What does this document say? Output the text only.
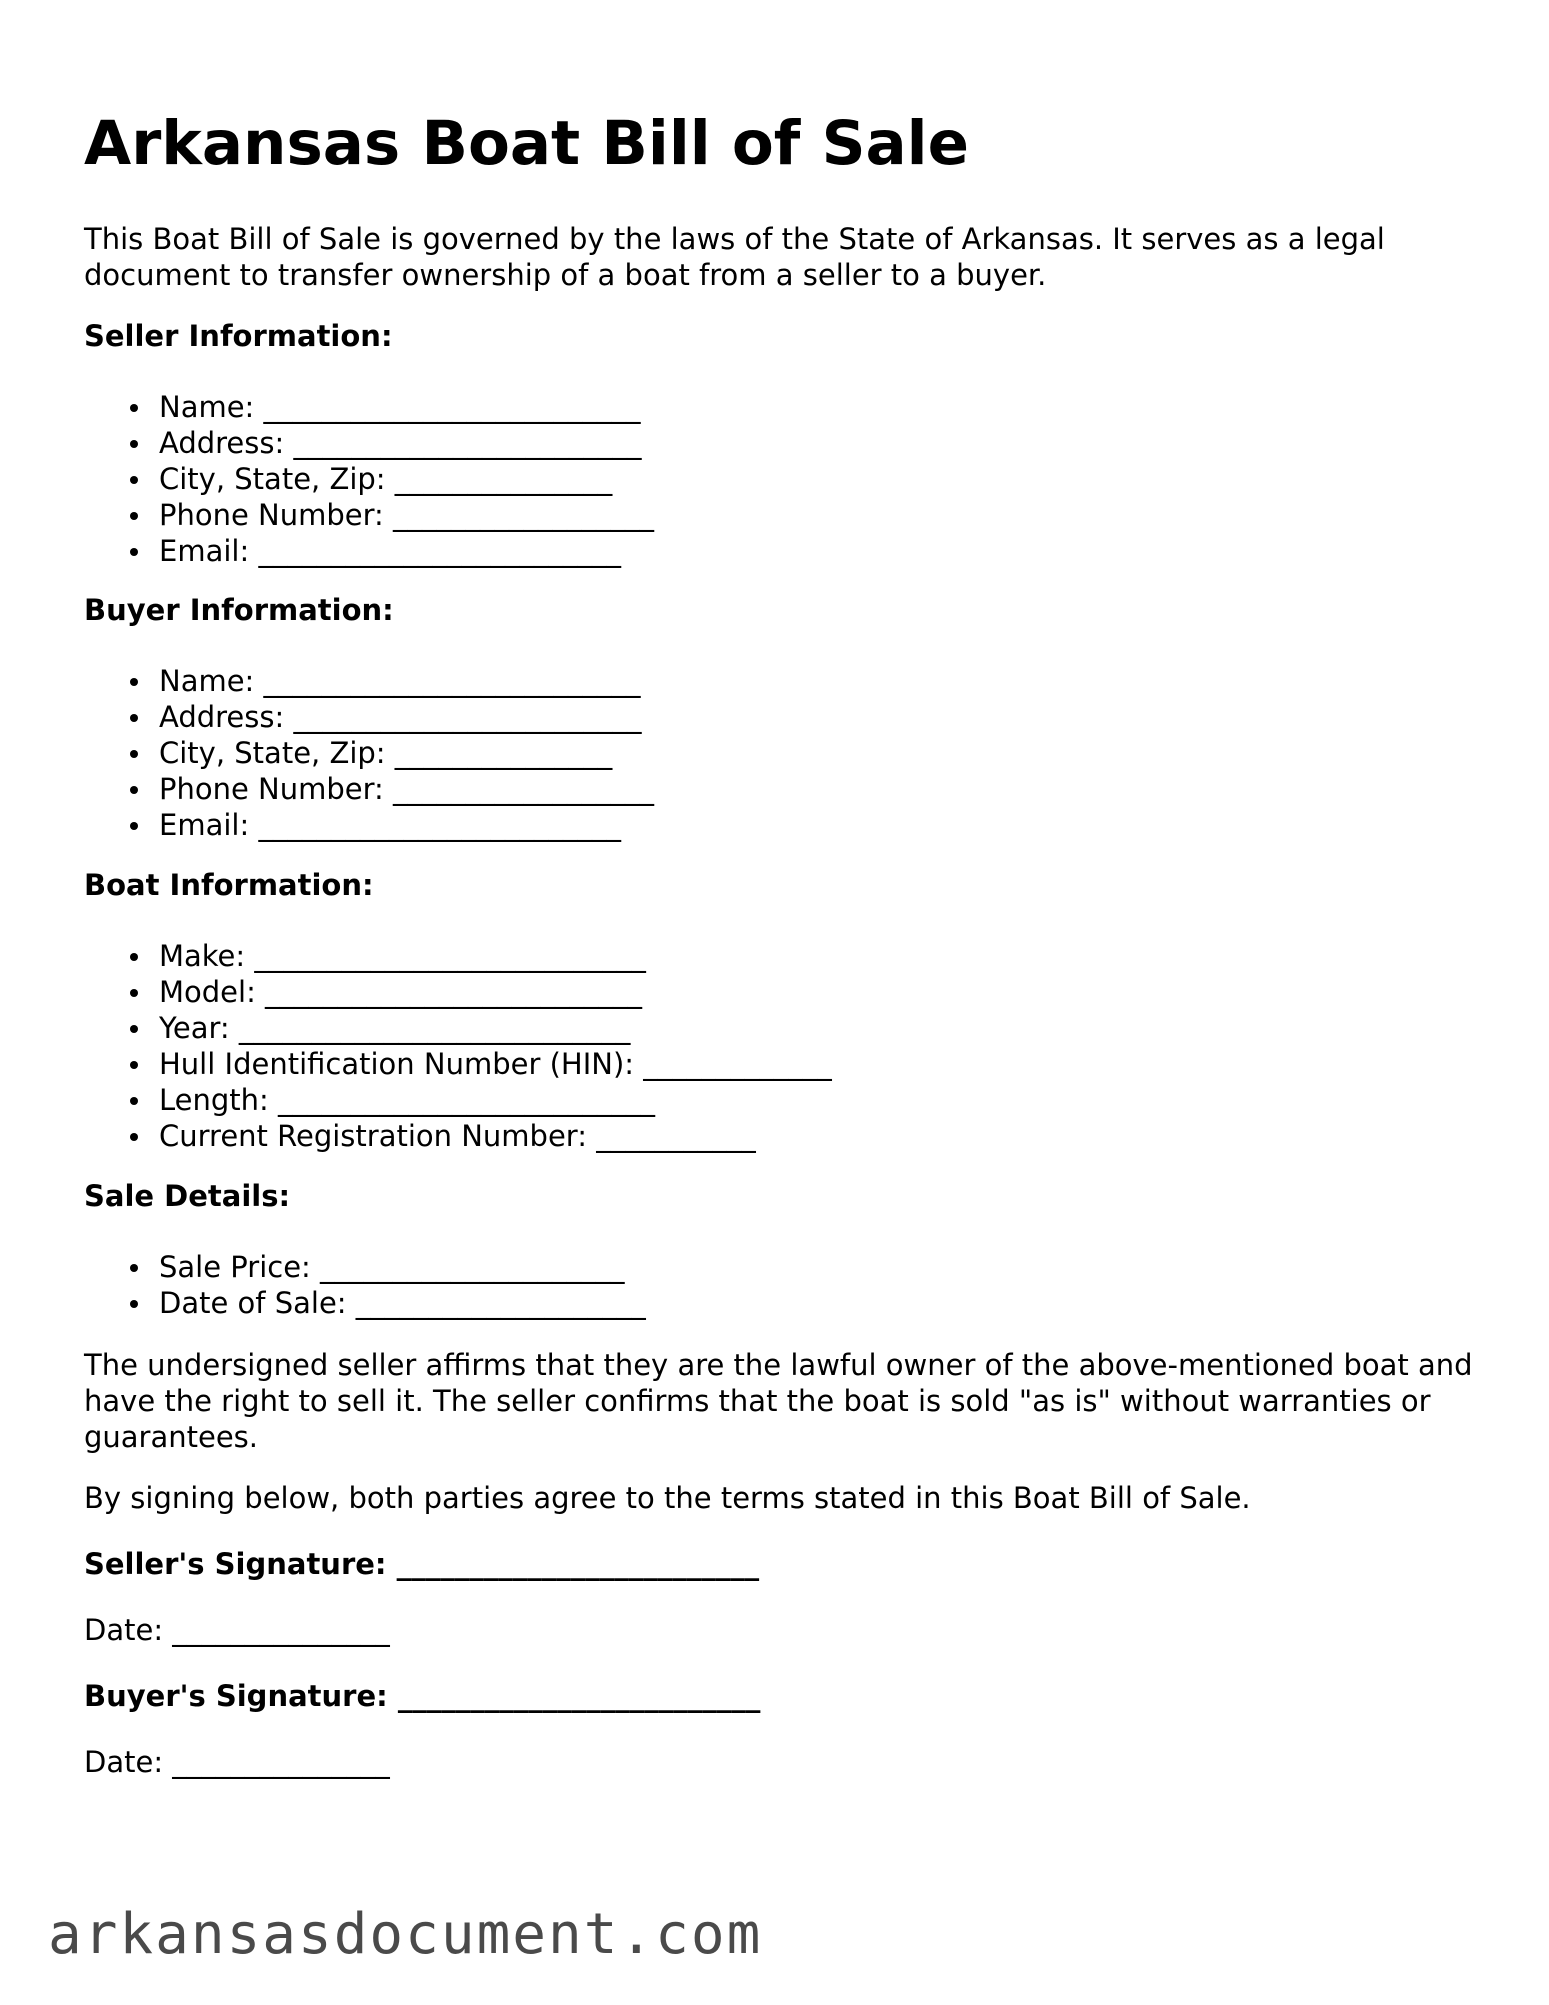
Arkansas Boat Bill of Sale

This Boat Bill of Sale is governed by the laws of the State of Arkansas. It serves as a legal document to transfer ownership of a boat from a seller to a buyer.

Seller Information:

Name: __________________________
Address: ________________________
City, State, Zip: _______________
Phone Number: __________________
Email: _________________________

Buyer Information:

Name: __________________________
Address: ________________________
City, State, Zip: _______________
Phone Number: __________________
Email: _________________________

Boat Information:

Make: ___________________________
Model: __________________________
Year: ___________________________
Hull Identification Number (HIN): _____________
Length: __________________________
Current Registration Number: ___________

Sale Details:

Sale Price: _____________________
Date of Sale: ____________________

The undersigned seller affirms that they are the lawful owner of the above-mentioned boat and have the right to sell it. The seller confirms that the boat is sold "as is" without warranties or guarantees.

By signing below, both parties agree to the terms stated in this Boat Bill of Sale.

Seller's Signature: _________________________

Date: _______________

Buyer's Signature: _________________________

Date: _______________

arkansasdocument.com
